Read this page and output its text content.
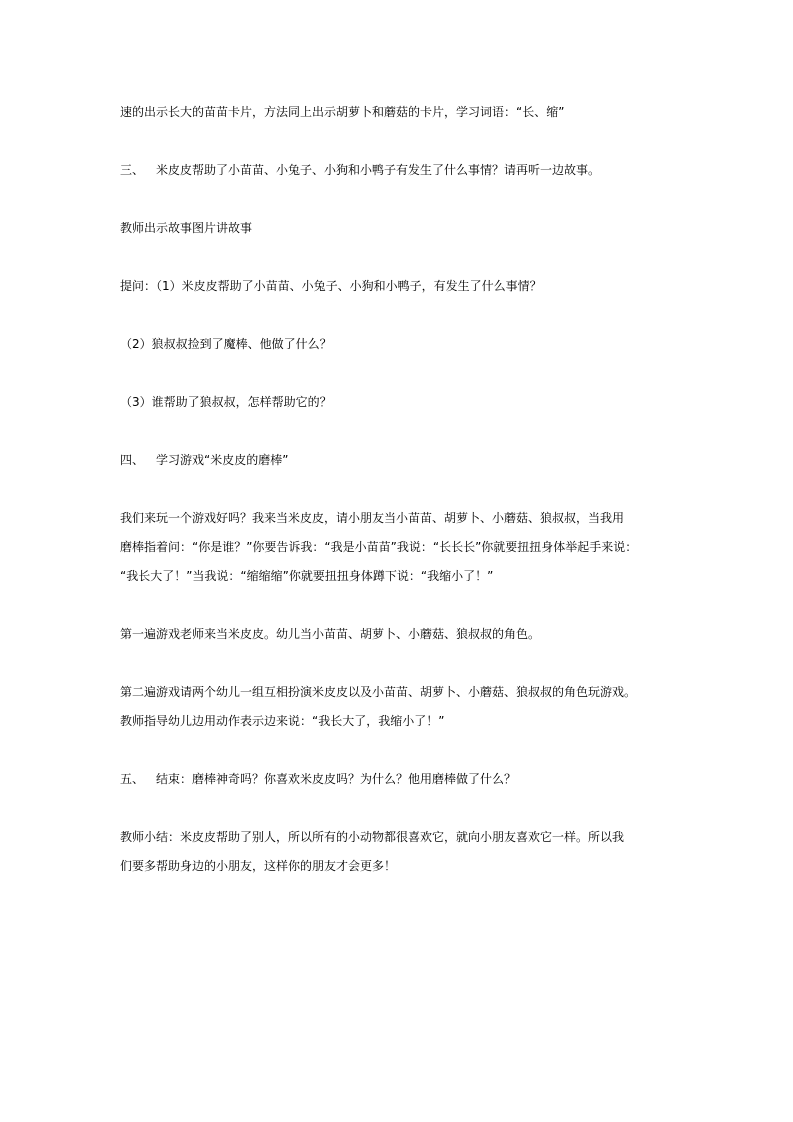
速的出示长大的苗苗卡片，方法同上出示胡萝卜和蘑菇的卡片，学习词语：“长、缩”
三、 米皮皮帮助了小苗苗、小兔子、小狗和小鸭子有发生了什么事情？请再听一边故事。
教师出示故事图片讲故事
提问：（1）米皮皮帮助了小苗苗、小兔子、小狗和小鸭子，有发生了什么事情？
（2）狼叔叔捡到了魔棒、他做了什么？
（3）谁帮助了狼叔叔，怎样帮助它的？
四、 学习游戏“米皮皮的磨棒”
我们来玩一个游戏好吗？我来当米皮皮，请小朋友当小苗苗、胡萝卜、小蘑菇、狼叔叔，当我用
磨棒指着问：“你是谁？”你要告诉我：“我是小苗苗”我说：“长长长”你就要扭扭身体举起手来说：
“我长大了！”当我说：“缩缩缩”你就要扭扭身体蹲下说：“我缩小了！”
第一遍游戏老师来当米皮皮。幼儿当小苗苗、胡萝卜、小蘑菇、狼叔叔的角色。
第二遍游戏请两个幼儿一组互相扮演米皮皮以及小苗苗、胡萝卜、小蘑菇、狼叔叔的角色玩游戏。
教师指导幼儿边用动作表示边来说：“我长大了，我缩小了！”
五、 结束：磨棒神奇吗？你喜欢米皮皮吗？为什么？他用磨棒做了什么？
教师小结：米皮皮帮助了别人，所以所有的小动物都很喜欢它，就向小朋友喜欢它一样。所以我
们要多帮助身边的小朋友，这样你的朋友才会更多！
